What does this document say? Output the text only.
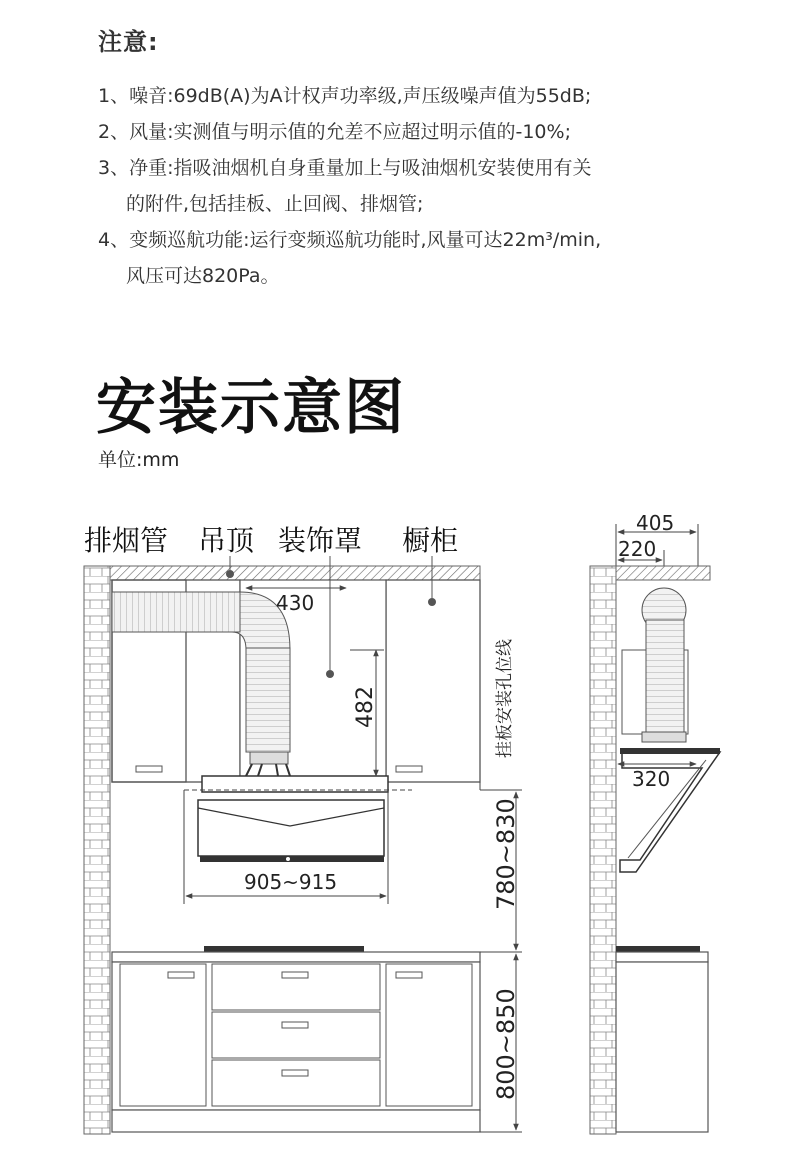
注意:
1、噪音:69dB(A)为A计权声功率级,声压级噪声值为55dB;
2、风量:实测值与明示值的允差不应超过明示值的-10%;
3、净重:指吸油烟机自身重量加上与吸油烟机安装使用有关
的附件,包括挂板、止回阀、排烟管;
4、变频巡航功能:运行变频巡航功能时,风量可达22m³/min,
风压可达820Pa。
安装示意图
单位:mm
排烟管 吊顶 装饰罩 橱柜
430
482	挂板安装孔位线
905~915	780~830
800~850
405
220
320
